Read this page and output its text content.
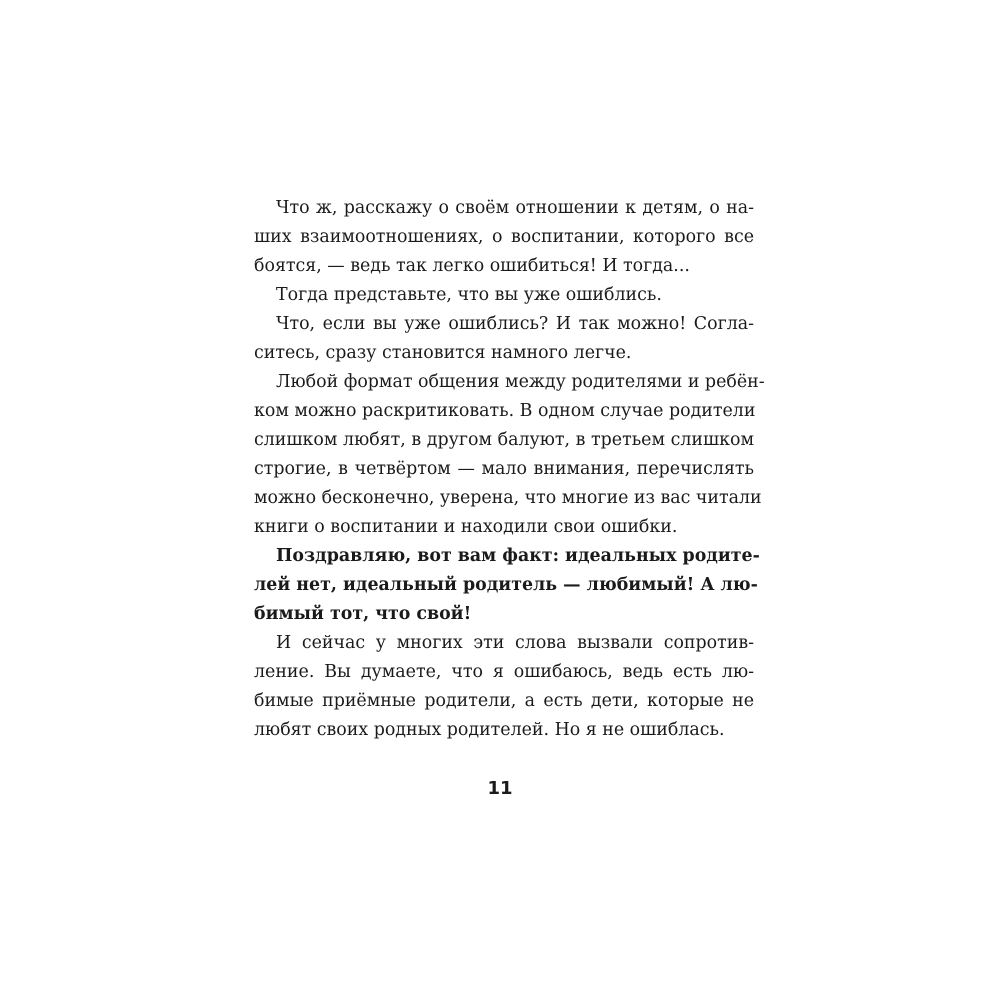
Что ж, расскажу о своём отношении к детям, о на-
ших взаимоотношениях, о воспитании, которого все
боятся, — ведь так легко ошибиться! И тогда...
Тогда представьте, что вы уже ошиблись.
Что, если вы уже ошиблись? И так можно! Согла-
ситесь, сразу становится намного легче.
Любой формат общения между родителями и ребён-
ком можно раскритиковать. В одном случае родители
слишком любят, в другом балуют, в третьем слишком
строгие, в четвёртом — мало внимания, перечислять
можно бесконечно, уверена, что многие из вас читали
книги о воспитании и находили свои ошибки.
Поздравляю, вот вам факт: идеальных родите-
лей нет, идеальный родитель — любимый! А лю-
бимый тот, что свой!
И сейчас у многих эти слова вызвали сопротив-
ление. Вы думаете, что я ошибаюсь, ведь есть лю-
бимые приёмные родители, а есть дети, которые не
любят своих родных родителей. Но я не ошиблась.
11
